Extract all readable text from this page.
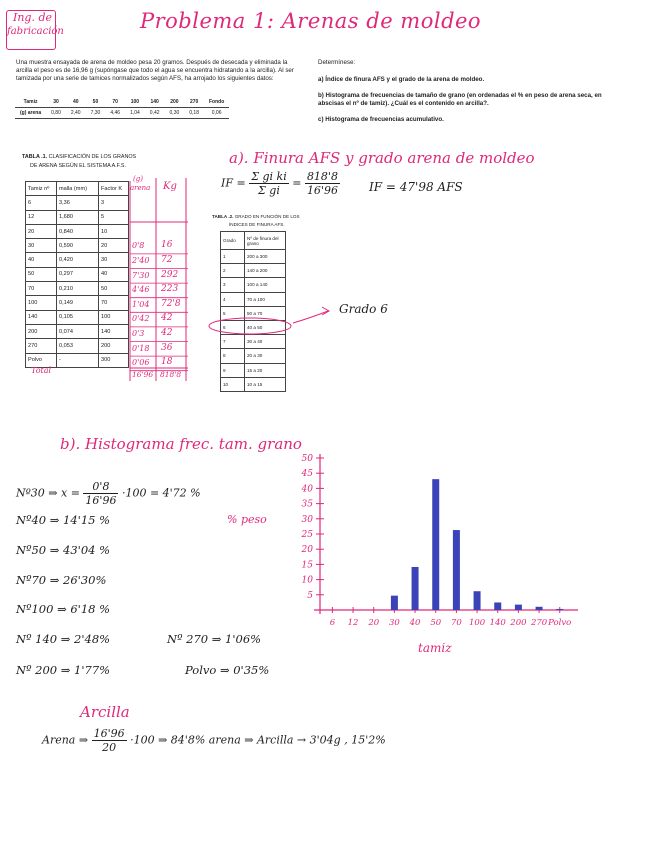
Ing. de
fabricación	Problema 1: Arenas de moldeo
Una muestra ensayada de arena de moldeo pesa 20 gramos. Después de desecada y eliminada la arcilla el peso es de 16,96 g (supóngase que todo el agua se encuentra hidratando a la arcilla). Al ser tamizada por una serie de tamices normalizados según AFS, ha arrojado los siguientes datos:
Determínese:
a) Índice de finura AFS y el grado de la arena de moldeo.
b) Histograma de frecuencias de tamaño de grano (en ordenadas el % en peso de arena seca, en abscisas el nº de tamiz). ¿Cuál es el contenido en arcilla?.
c) Histograma de frecuencias acumulativo.
Tamiz	30	40	50	70	100	140	200	270	Fondo
(g) arena	0,80	2,40	7,30	4,46	1,04	0,42	0,30	0,18	0,06
TABLA .1. CLASIFICACIÓN DE LOS GRANOS
DE ARENA SEGÚN EL SISTEMA A.F.S.
Tamiz nº	malla (mm)	Factor K
6	3,36	3
12	1,680	5
20	0,840	10
30	0,590	20
40	0,420	30
50	0,297	40
70	0,210	50
100	0,149	70
140	0,105	100
200	0,074	140
270	0,053	200
Polvo	-	300
(g)
arena Kg
0'8 16
2'40 72
7'30 292
4'46 223
1'04 72'8
0'42 42
0'3 42
0'18 36
0'06 18
Total	16'96 818'8
a). Finura AFS y grado arena de moldeo
IF = $\frac{\text{Σ gi ki}}{\text{Σ gi}} = \frac{818'8}{16'96}$ IF = 47'98 AFS
TABLA .2. GRADO EN FUNCIÓN DE LOS
ÍNDICES DE FINURA AFS.
Grado	Nº de finura del grano
1	200 a 300
2	140 a 200
3	100 a 140
4	70 a 100
5	50 a 70
6	40 a 50
7	30 a 40
8	20 a 30
9	15 a 20
10	10 a 15
Grado 6
b). Histograma frec. tam. grano
Nº30 ⇒ $x = \frac{0'8}{16'96} \cdot 100 = 4'72$ %
Nº40 ⇒ 14'15 %
Nº50 ⇒ 43'04 %
Nº70 ⇒ 26'30%
Nº100 ⇒ 6'18 %
Nº 140 ⇒ 2'48%	Nº 270 ⇒ 1'06%
Nº 200 ⇒ 1'77%	Polvo ⇒ 0'35%
% peso
5
10
15
20
25
30
35
40
45
50
6 12 20 30 40 50 70 100 140 200 270 Polvo
tamiz
Arcilla
Arena ⇒ $\frac{16'96}{20} \cdot 100$ ⇒ 84'8% arena ⇒ Arcilla → 3'04g , 15'2%
